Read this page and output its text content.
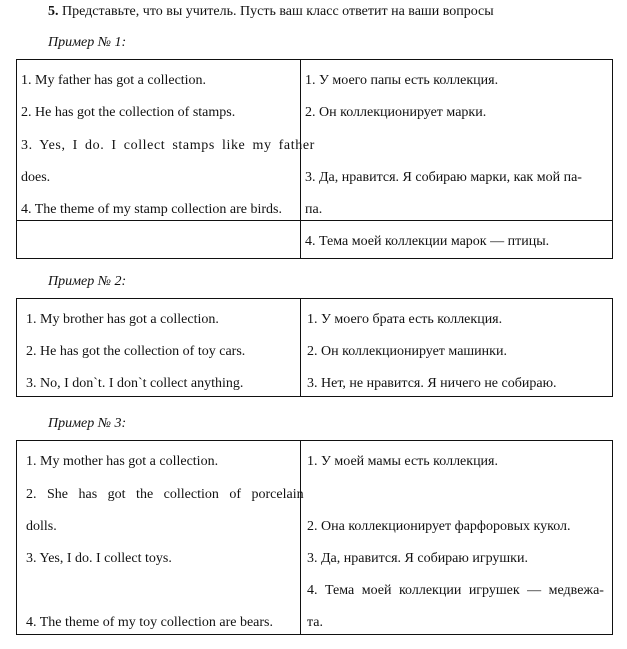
5. Представьте, что вы учитель. Пусть ваш класс ответит на ваши вопросы
Пример № 1:
1. My father has got a collection.
2. He has got the collection of stamps.
3. Yes, I do. I collect stamps like my father
does.
4. The theme of my stamp collection are birds.
1. У моего папы есть коллекция.
2. Он коллекционирует марки.
3. Да, нравится. Я собираю марки, как мой па-
па.
4. Тема моей коллекции марок — птицы.
Пример № 2:
1. My brother has got a collection.
2. He has got the collection of toy cars.
3. No, I don`t. I don`t collect anything.
1. У моего брата есть коллекция.
2. Он коллекционирует машинки.
3. Нет, не нравится. Я ничего не собираю.
Пример № 3:
1. My mother has got a collection.
2. She has got the collection of porcelain
dolls.
3. Yes, I do. I collect toys.
4. The theme of my toy collection are bears.
1. У моей мамы есть коллекция.
2. Она коллекционирует фарфоровых кукол.
3. Да, нравится. Я собираю игрушки.
4. Тема моей коллекции игрушек — медвежа-
та.
